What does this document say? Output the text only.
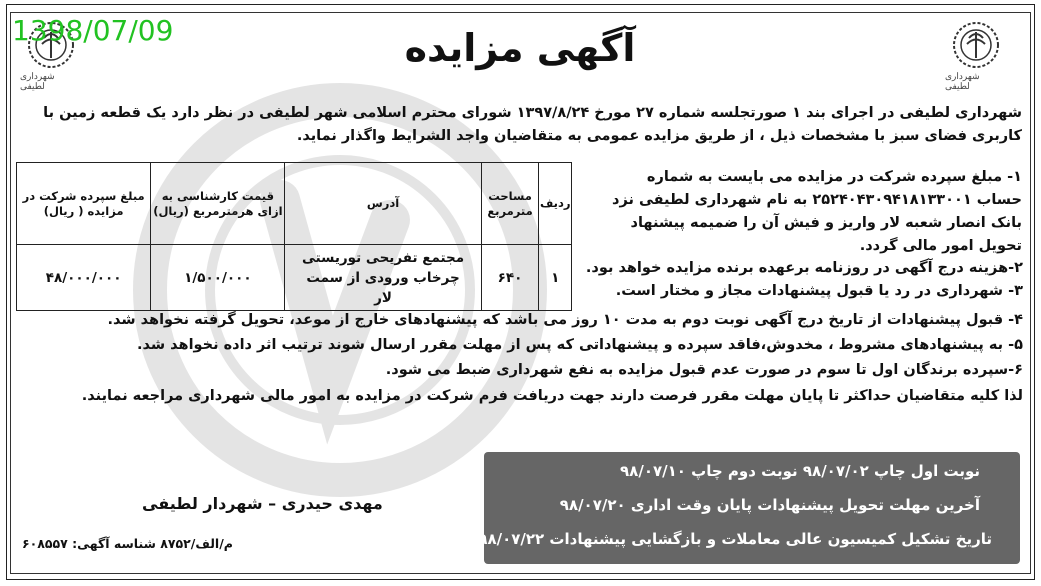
1398/07/09
شهرداری لطیفی
شهرداری لطیفی
آگهی مزایده
شهرداری لطیفی در اجرای بند ۱ صورتجلسه شماره ۲۷ مورخ ۱۳۹۷/۸/۲۴ شورای محترم اسلامی شهر لطیفی در نظر دارد یک قطعه زمین با
کاربری فضای سبز با مشخصات ذیل ، از طریق مزایده عمومی به متقاضیان واجد الشرایط واگذار نماید.
ردیف	مساحت مترمربع	آدرس	قیمت کارشناسی به ازای هرمترمربع (ریال)	مبلغ سپرده شرکت در مزایده ( ریال)
۱	۶۴۰	مجتمع تفریحی توریستی چرخاب ورودی از سمت لار	۱/۵۰۰/۰۰۰	۴۸/۰۰۰/۰۰۰
۱- مبلغ سپرده شرکت در مزایده می بایست به شماره
حساب ۲۵۲۴۰۴۳۰۹۴۱۸۱۳۳۰۰۱ به نام شهرداری لطیفی نزد
بانک انصار شعبه لار واریز و فیش آن را ضمیمه پیشنهاد
تحویل امور مالی گردد.
۲-هزینه درج آگهی در روزنامه برعهده برنده مزایده خواهد بود.
۳- شهرداری در رد یا قبول پیشنهادات مجاز و مختار است.
۴- قبول پیشنهادات از تاریخ درج آگهی نوبت دوم به مدت ۱۰ روز می باشد که پیشنهادهای خارج از موعد، تحویل گرفته نخواهد شد.
۵- به پیشنهادهای مشروط ، مخدوش،فاقد سپرده و پیشنهاداتی که پس از مهلت مقرر ارسال شوند ترتیب اثر داده نخواهد شد.
۶-سپرده برندگان اول تا سوم در صورت عدم قبول مزایده به نفع شهرداری ضبط می شود.
لذا کلیه متقاضیان حداکثر تا پایان مهلت مقرر فرصت دارند جهت دریافت فرم شرکت در مزایده به امور مالی شهرداری مراجعه نمایند.
نوبت اول چاپ ۹۸/۰۷/۰۲ نوبت دوم چاپ ۹۸/۰۷/۱۰
آخرین مهلت تحویل پیشنهادات پایان وقت اداری ۹۸/۰۷/۲۰
تاریخ تشکیل کمیسیون عالی معاملات و بازگشایی پیشنهادات ۹۸/۰۷/۲۲
مهدی حیدری – شهردار لطیفی
م/الف/۸۷۵۲ شناسه آگهی: ۶۰۸۵۵۷
